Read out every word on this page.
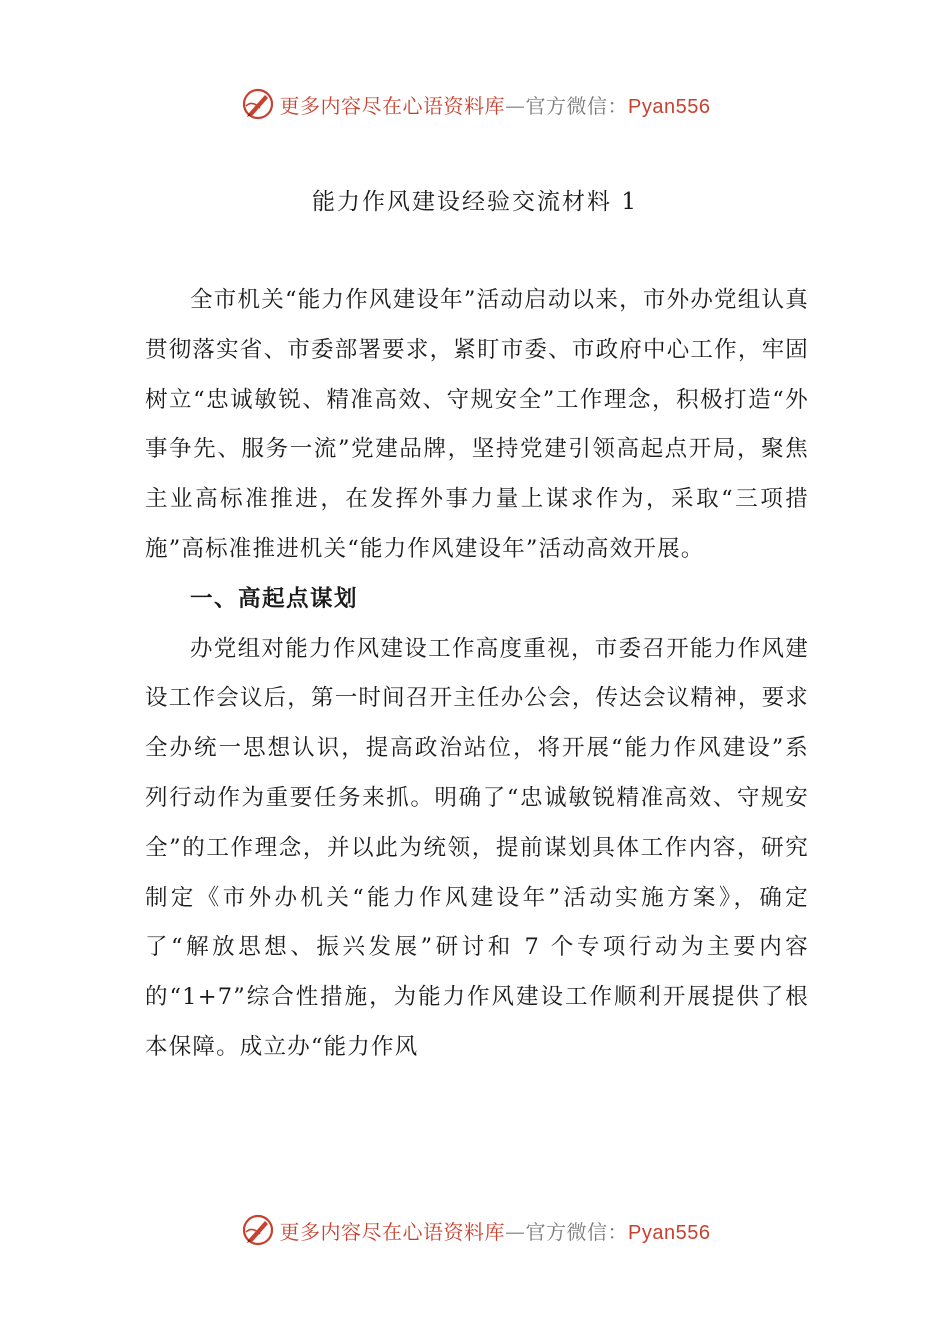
更多内容尽在心语资料库—官方微信：Pyan556
能力作风建设经验交流材料 1

全市机关“能力作风建设年”活动启动以来，市外办党组认真贯彻落实省、市委部署要求，紧盯市委、市政府中心工作，牢固树立“忠诚敏锐、精准高效、守规安全”工作理念，积极打造“外事争先、服务一流”党建品牌，坚持党建引领高起点开局，聚焦主业高标准推进，在发挥外事力量上谋求作为，采取“三项措施”高标准推进机关“能力作风建设年”活动高效开展。

一、高起点谋划

办党组对能力作风建设工作高度重视，市委召开能力作风建设工作会议后，第一时间召开主任办公会，传达会议精神，要求全办统一思想认识，提高政治站位，将开展“能力作风建设”系列行动作为重要任务来抓。明确了“忠诚敏锐精准高效、守规安全”的工作理念，并以此为统领，提前谋划具体工作内容，研究制定《市外办机关“能力作风建设年”活动实施方案》，确定了“解放思想、振兴发展”研讨和 7 个专项行动为主要内容的“1+7”综合性措施，为能力作风建设工作顺利开展提供了根本保障。成立办“能力作风

更多内容尽在心语资料库—官方微信：Pyan556
